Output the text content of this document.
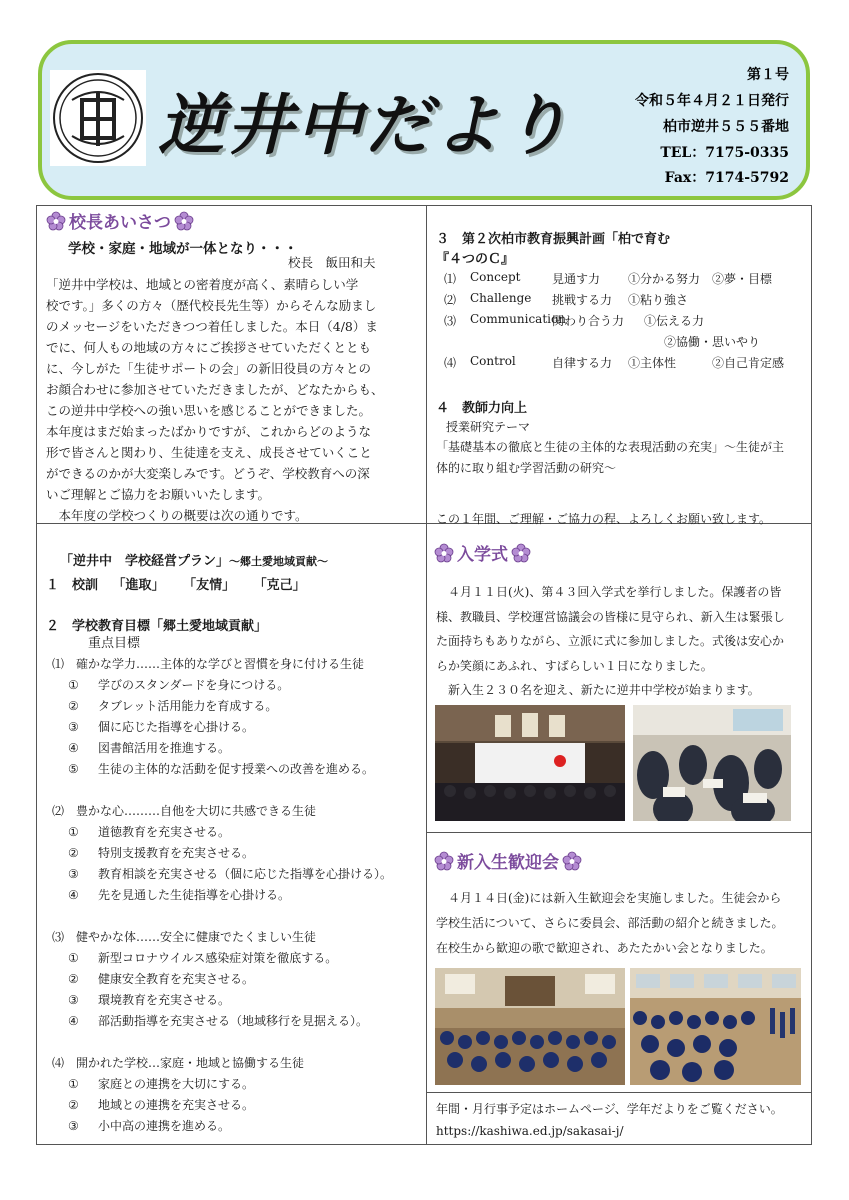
逆井中だより
第１号
令和５年４月２１日発行
柏市逆井５５５番地
TEL：7175-0335
Fax：7174-5792
校長あいさつ
学校・家庭・地域が一体となり・・・
校長　飯田和夫
「逆井中学校は、地域との密着度が高く、素晴らしい学
校です。」多くの方々（歴代校長先生等）からそんな励まし
のメッセージをいただきつつ着任しました。本日（4/8）ま
でに、何人もの地域の方々にご挨拶させていただくととも
に、今しがた「生徒サポートの会」の新旧役員の方々との
お顔合わせに参加させていただきましたが、どなたからも、
この逆井中学校への強い思いを感じることができました。
本年度はまだ始まったばかりですが、これからどのような
形で皆さんと関わり、生徒達を支え、成長させていくこと
ができるのかが大変楽しみです。どうぞ、学校教育への深
いご理解とご協力をお願いいたします。
　本年度の学校つくりの概要は次の通りです。
「逆井中　学校経営プラン」〜郷土愛地域貢献〜
１　校訓 「進取」 「友情」 「克己」
２　学校教育目標「郷土愛地域貢献」
重点目標
⑴　確かな学力……主体的な学びと習慣を身に付ける生徒
① 学びのスタンダードを身につける。
② タブレット活用能力を育成する。
③ 個に応じた指導を心掛ける。
④ 図書館活用を推進する。
⑤ 生徒の主体的な活動を促す授業への改善を進める。
⑵　豊かな心………自他を大切に共感できる生徒
① 道徳教育を充実させる。
② 特別支援教育を充実させる。
③ 教育相談を充実させる（個に応じた指導を心掛ける）。
④ 先を見通した生徒指導を心掛ける。
⑶　健やかな体……安全に健康でたくましい生徒
① 新型コロナウイルス感染症対策を徹底する。
② 健康安全教育を充実させる。
③ 環境教育を充実させる。
④ 部活動指導を充実させる（地域移行を見据える）。
⑷　開かれた学校…家庭・地域と協働する生徒
① 家庭との連携を大切にする。
② 地域との連携を充実させる。
③ 小中高の連携を進める。
３　第２次柏市教育振興計画「柏で育む
『４つのＣ』
⑴ Concept	見通す力 ①分かる努力 ②夢・目標
⑵ Challenge 挑戦する力 ①粘り強さ
⑶ Communication
関わり合う力 ①伝える力
②協働・思いやり
⑷ Control	自律する力 ①主体性	②自己肯定感
４　教師力向上
授業研究テーマ
「基礎基本の徹底と生徒の主体的な表現活動の充実」〜生徒が主
体的に取り組む学習活動の研究〜
この１年間、ご理解・ご協力の程、よろしくお願い致します。
入学式
４月１１日(火)、第４３回入学式を挙行しました。保護者の皆
様、教職員、学校運営協議会の皆様に見守られ、新入生は緊張し
た面持ちもありながら、立派に式に参加しました。式後は安心か
らか笑顔にあふれ、すばらしい１日になりました。
　新入生２３０名を迎え、新たに逆井中学校が始まります。
新入生歓迎会
４月１４日(金)には新入生歓迎会を実施しました。生徒会から
学校生活について、さらに委員会、部活動の紹介と続きました。
在校生から歓迎の歌で歓迎され、あたたかい会となりました。
年間・月行事予定はホームページ、学年だよりをご覧ください。
https://kashiwa.ed.jp/sakasai-j/
